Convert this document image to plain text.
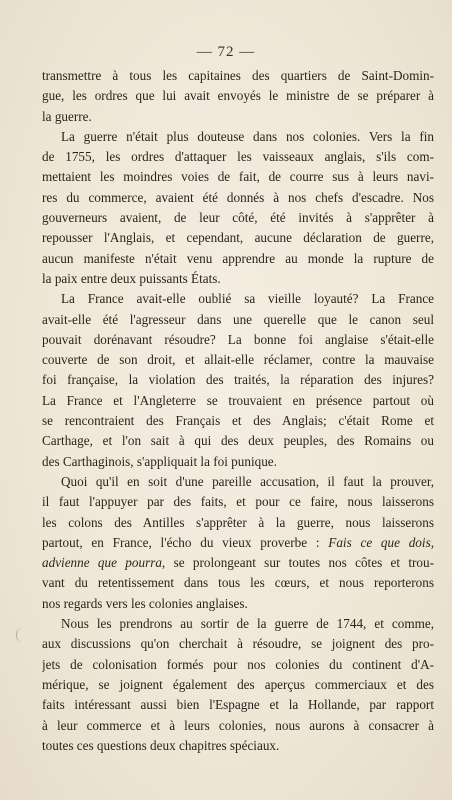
— 72 —
transmettre à tous les capitaines des quartiers de Saint-Domin-
gue, les ordres que lui avait envoyés le ministre de se préparer à
la guerre.
La guerre n'était plus douteuse dans nos colonies. Vers la fin
de 1755, les ordres d'attaquer les vaisseaux anglais, s'ils com-
mettaient les moindres voies de fait, de courre sus à leurs navi-
res du commerce, avaient été donnés à nos chefs d'escadre. Nos
gouverneurs avaient, de leur côté, été invités à s'apprêter à
repousser l'Anglais, et cependant, aucune déclaration de guerre,
aucun manifeste n'était venu apprendre au monde la rupture de
la paix entre deux puissants États.
La France avait-elle oublié sa vieille loyauté? La France
avait-elle été l'agresseur dans une querelle que le canon seul
pouvait dorénavant résoudre? La bonne foi anglaise s'était-elle
couverte de son droit, et allait-elle réclamer, contre la mauvaise
foi française, la violation des traités, la réparation des injures?
La France et l'Angleterre se trouvaient en présence partout où
se rencontraient des Français et des Anglais; c'était Rome et
Carthage, et l'on sait à qui des deux peuples, des Romains ou
des Carthaginois, s'appliquait la foi punique.
Quoi qu'il en soit d'une pareille accusation, il faut la prouver,
il faut l'appuyer par des faits, et pour ce faire, nous laisserons
les colons des Antilles s'apprêter à la guerre, nous laisserons
partout, en France, l'écho du vieux proverbe : Fais ce que dois,
advienne que pourra, se prolongeant sur toutes nos côtes et trou-
vant du retentissement dans tous les cœurs, et nous reporterons
nos regards vers les colonies anglaises.
Nous les prendrons au sortir de la guerre de 1744, et comme,
aux discussions qu'on cherchait à résoudre, se joignent des pro-
jets de colonisation formés pour nos colonies du continent d'A-
mérique, se joignent également des aperçus commerciaux et des
faits intéressant aussi bien l'Espagne et la Hollande, par rapport
à leur commerce et à leurs colonies, nous aurons à consacrer à
toutes ces questions deux chapitres spéciaux.
